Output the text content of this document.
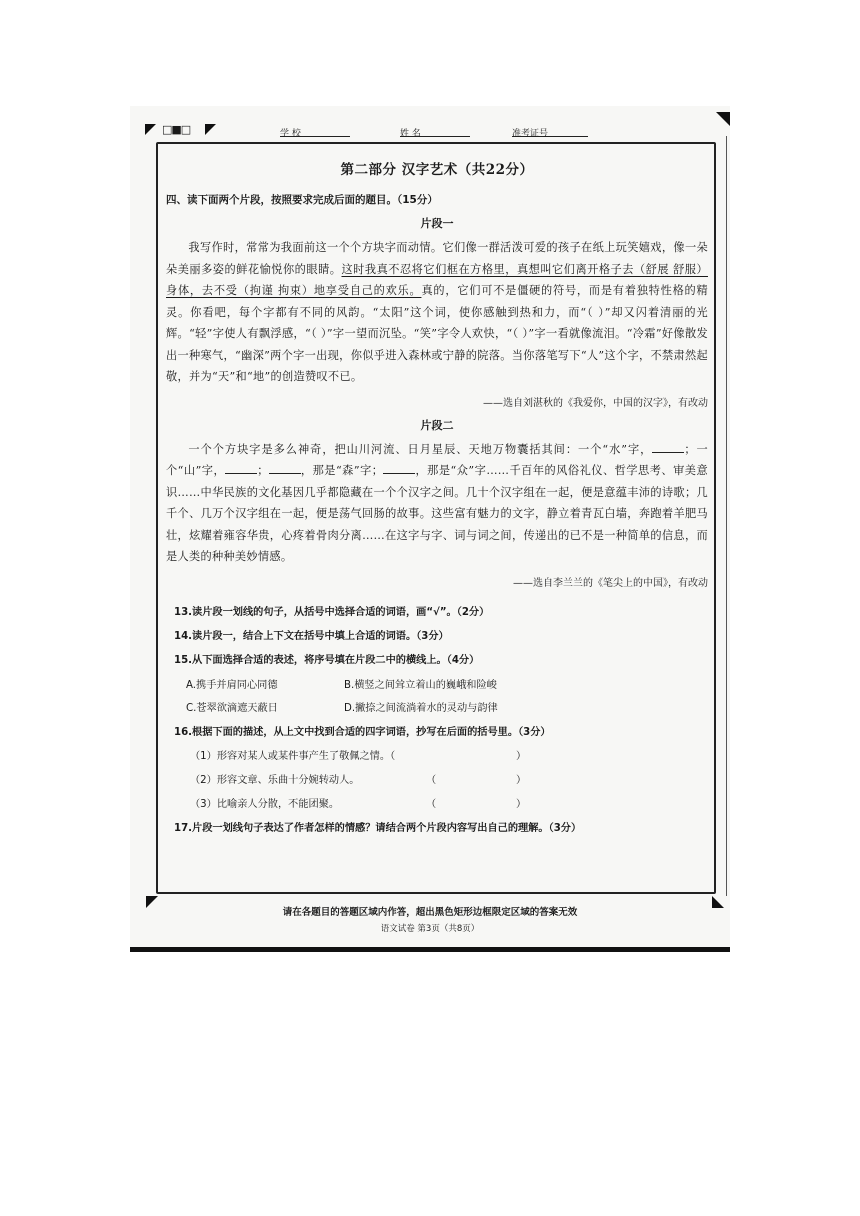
□■□	学 校	姓 名	准考证号
第二部分 汉字艺术（共22分）
四、读下面两个片段，按照要求完成后面的题目。（15分）
片段一
我写作时，常常为我面前这一个个方块字而动情。它们像一群活泼可爱的孩子在纸上玩笑嬉戏，像一朵朵美丽多姿的鲜花愉悦你的眼睛。这时我真不忍将它们框在方格里，真想叫它们离开格子去（舒展 舒服）身体，去不受（拘谨 拘束）地享受自己的欢乐。真的，它们可不是僵硬的符号，而是有着独特性格的精灵。你看吧，每个字都有不同的风韵。“太阳”这个词，使你感触到热和力，而“（ ）”却又闪着清丽的光辉。“轻”字使人有飘浮感，“（ ）”字一望而沉坠。“笑”字令人欢快，“（ ）”字一看就像流泪。“冷霜”好像散发出一种寒气，“幽深”两个字一出现，你似乎进入森林或宁静的院落。当你落笔写下“人”这个字，不禁肃然起敬，并为“天”和“地”的创造赞叹不已。
——选自刘湛秋的《我爱你，中国的汉字》，有改动
片段二
一个个方块字是多么神奇，把山川河流、日月星辰、天地万物囊括其间：一个“水”字，	；一个“山”字，	；	，那是“森”字；	，那是“众”字……千百年的风俗礼仪、哲学思考、审美意识……中华民族的文化基因几乎都隐藏在一个个汉字之间。几十个汉字组在一起，便是意蕴丰沛的诗歌；几千个、几万个汉字组在一起，便是荡气回肠的故事。这些富有魅力的文字，静立着青瓦白墙，奔跑着羊肥马壮，炫耀着雍容华贵，心疼着骨肉分离……在这字与字、词与词之间，传递出的已不是一种简单的信息，而是人类的种种美妙情感。
——选自李兰兰的《笔尖上的中国》，有改动
13.读片段一划线的句子，从括号中选择合适的词语，画“√”。（2分）
14.读片段一，结合上下文在括号中填上合适的词语。（3分）
15.从下面选择合适的表述，将序号填在片段二中的横线上。（4分）
A.携手并肩同心同德	B.横竖之间耸立着山的巍峨和险峻
C.苍翠欲滴遮天蔽日	D.撇捺之间流淌着水的灵动与韵律
16.根据下面的描述，从上文中找到合适的四字词语，抄写在后面的括号里。（3分）
（1）形容对某人或某件事产生了敬佩之情。（	）
（2）形容文章、乐曲十分婉转动人。	（	）
（3）比喻亲人分散，不能团聚。	（	）
17.片段一划线句子表达了作者怎样的情感？请结合两个片段内容写出自己的理解。（3分）
请在各题目的答题区域内作答，超出黑色矩形边框限定区域的答案无效
语文试卷 第3页（共8页）
